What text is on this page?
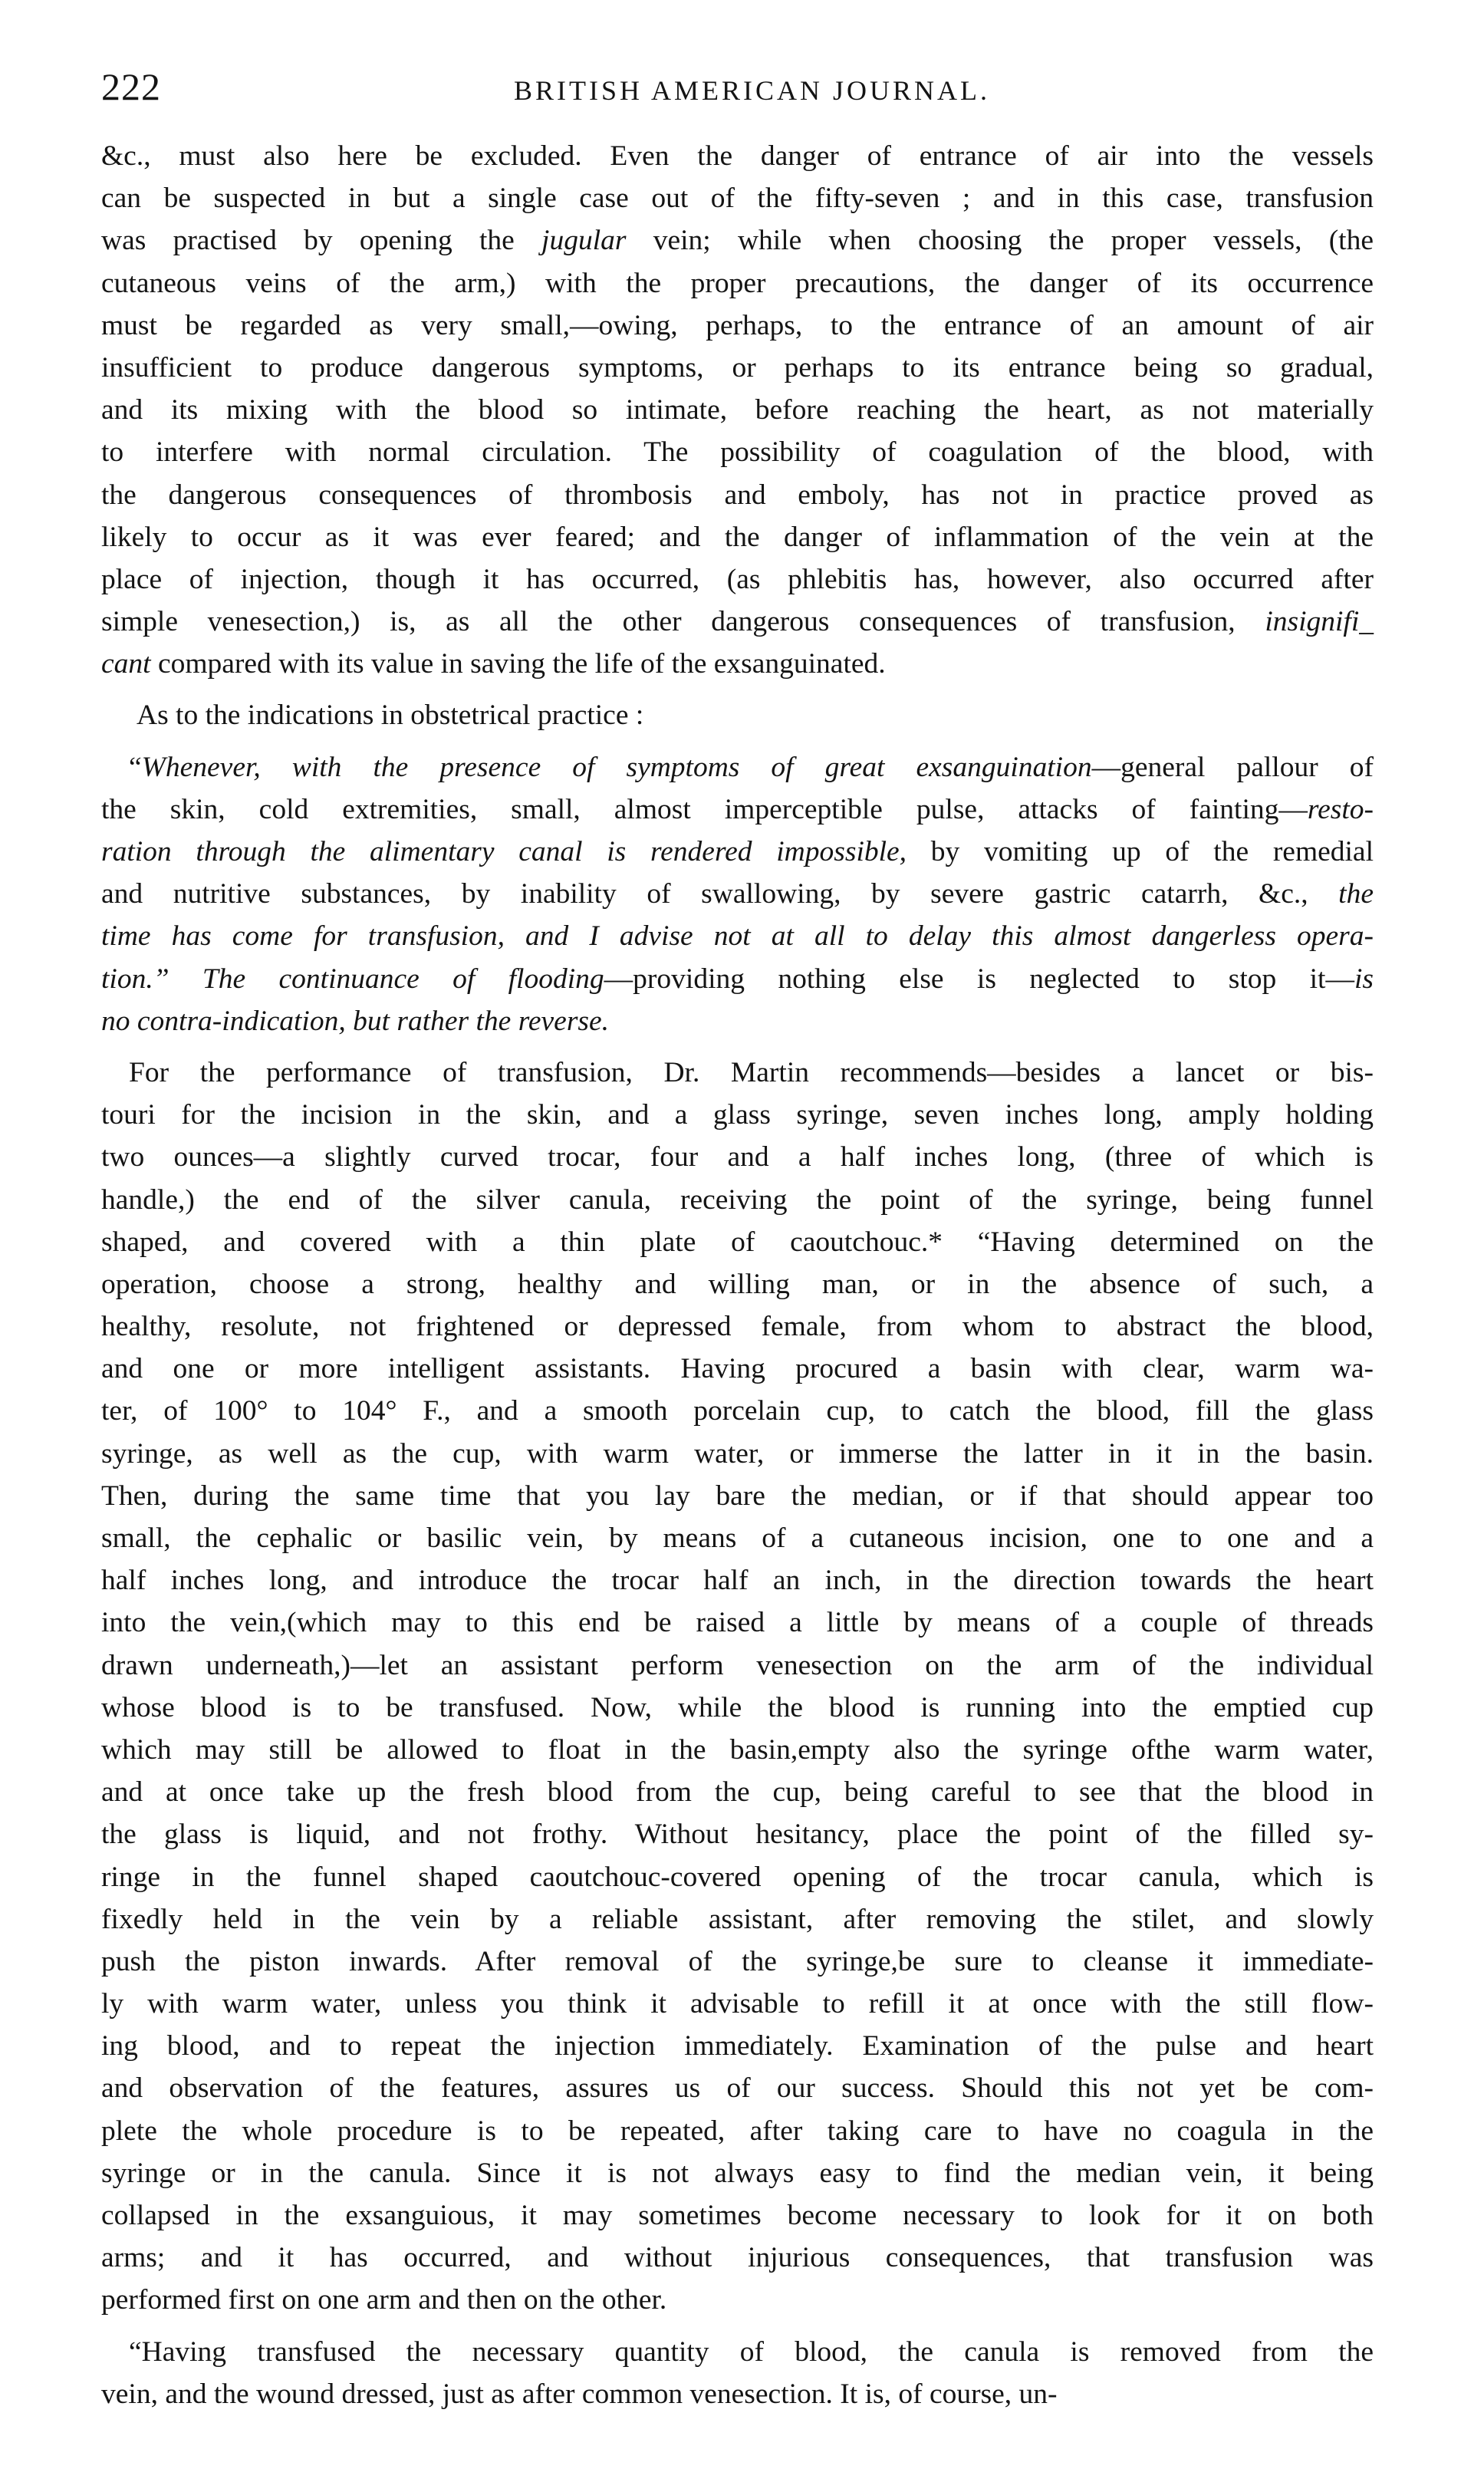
222	BRITISH AMERICAN JOURNAL.
&c., must also here be excluded. Even the danger of entrance of air into the vessels
can be suspected in but a single case out of the fifty-seven ; and in this case, transfusion
was practised by opening the jugular vein; while when choosing the proper vessels, (the
cutaneous veins of the arm,) with the proper precautions, the danger of its occurrence
must be regarded as very small,—owing, perhaps, to the entrance of an amount of air
insufficient to produce dangerous symptoms, or perhaps to its entrance being so gradual,
and its mixing with the blood so intimate, before reaching the heart, as not materially
to interfere with normal circulation. The possibility of coagulation of the blood, with
the dangerous consequences of thrombosis and emboly, has not in practice proved as
likely to occur as it was ever feared; and the danger of inflammation of the vein at the
place of injection, though it has occurred, (as phlebitis has, however, also occurred after
simple venesection,) is, as all the other dangerous consequences of transfusion, insignifi_
cant compared with its value in saving the life of the exsanguinated.
As to the indications in obstetrical practice :
“Whenever, with the presence of symptoms of great exsanguination—general pallour of
the skin, cold extremities, small, almost imperceptible pulse, attacks of fainting—resto-
ration through the alimentary canal is rendered impossible, by vomiting up of the remedial
and nutritive substances, by inability of swallowing, by severe gastric catarrh, &c., the
time has come for transfusion, and I advise not at all to delay this almost dangerless opera-
tion.” The continuance of flooding—providing nothing else is neglected to stop it—is
no contra-indication, but rather the reverse.
For the performance of transfusion, Dr. Martin recommends—besides a lancet or bis-
touri for the incision in the skin, and a glass syringe, seven inches long, amply holding
two ounces—a slightly curved trocar, four and a half inches long, (three of which is
handle,) the end of the silver canula, receiving the point of the syringe, being funnel
shaped, and covered with a thin plate of caoutchouc.* “Having determined on the
operation, choose a strong, healthy and willing man, or in the absence of such, a
healthy, resolute, not frightened or depressed female, from whom to abstract the blood,
and one or more intelligent assistants. Having procured a basin with clear, warm wa-
ter, of 100° to 104° F., and a smooth porcelain cup, to catch the blood, fill the glass
syringe, as well as the cup, with warm water, or immerse the latter in it in the basin.
Then, during the same time that you lay bare the median, or if that should appear too
small, the cephalic or basilic vein, by means of a cutaneous incision, one to one and a
half inches long, and introduce the trocar half an inch, in the direction towards the heart
into the vein,(which may to this end be raised a little by means of a couple of threads
drawn underneath,)—let an assistant perform venesection on the arm of the individual
whose blood is to be transfused. Now, while the blood is running into the emptied cup
which may still be allowed to float in the basin,empty also the syringe ofthe warm water,
and at once take up the fresh blood from the cup, being careful to see that the blood in
the glass is liquid, and not frothy. Without hesitancy, place the point of the filled sy-
ringe in the funnel shaped caoutchouc-covered opening of the trocar canula, which is
fixedly held in the vein by a reliable assistant, after removing the stilet, and slowly
push the piston inwards. After removal of the syringe,be sure to cleanse it immediate-
ly with warm water, unless you think it advisable to refill it at once with the still flow-
ing blood, and to repeat the injection immediately. Examination of the pulse and heart
and observation of the features, assures us of our success. Should this not yet be com-
plete the whole procedure is to be repeated, after taking care to have no coagula in the
syringe or in the canula. Since it is not always easy to find the median vein, it being
collapsed in the exsanguious, it may sometimes become necessary to look for it on both
arms; and it has occurred, and without injurious consequences, that transfusion was
performed first on one arm and then on the other.
“Having transfused the necessary quantity of blood, the canula is removed from the
vein, and the wound dressed, just as after common venesection. It is, of course, un-
